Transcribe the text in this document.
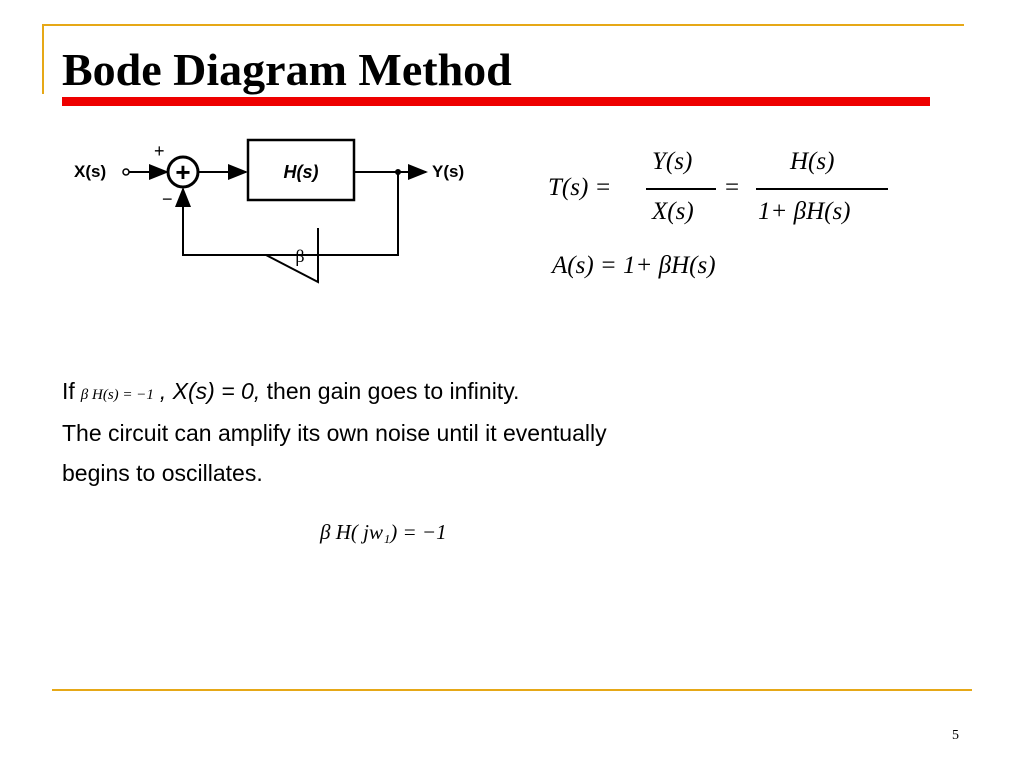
Bode Diagram Method
X(s)
+
−
+	H(s)	Y(s)
β
T(s) =
Y(s)
X(s)
=
H(s)
1+ βH(s)
A(s) = 1+ βH(s)
If β H(s) = −1 , X(s) = 0, then gain goes to infinity.
The circuit can amplify its own noise until it eventually
begins to oscillates.
β H( jw₁) = −1
5
